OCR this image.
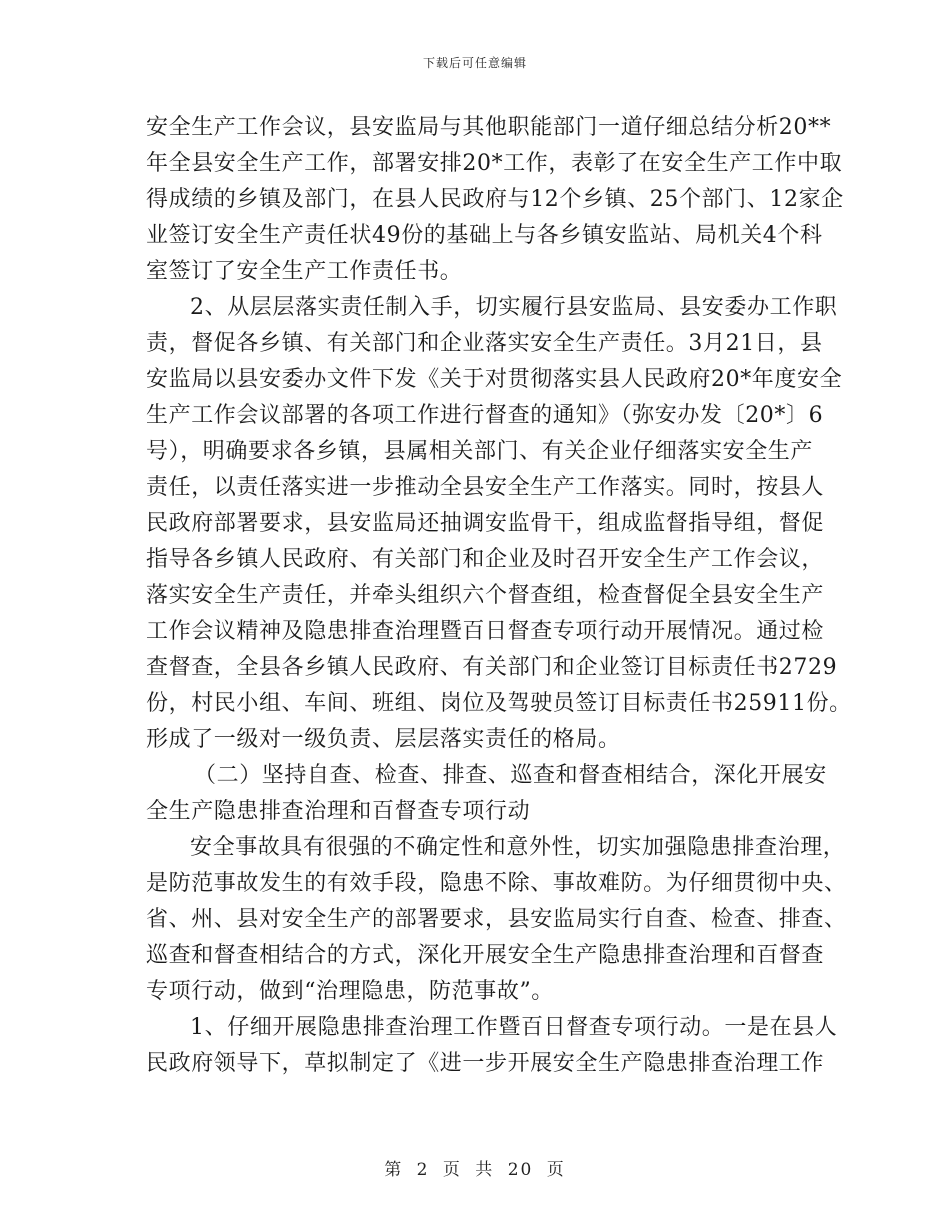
下载后可任意编辑
安全生产工作会议，县安监局与其他职能部门一道仔细总结分析20**
年全县安全生产工作，部署安排20*工作，表彰了在安全生产工作中取
得成绩的乡镇及部门，在县人民政府与12个乡镇、25个部门、12家企
业签订安全生产责任状49份的基础上与各乡镇安监站、局机关4个科
室签订了安全生产工作责任书。
2、从层层落实责任制入手，切实履行县安监局、县安委办工作职
责，督促各乡镇、有关部门和企业落实安全生产责任。3月21日，县
安监局以县安委办文件下发《关于对贯彻落实县人民政府20*年度安全
生产工作会议部署的各项工作进行督查的通知》（弥安办发〔20*〕6
号），明确要求各乡镇，县属相关部门、有关企业仔细落实安全生产
责任，以责任落实进一步推动全县安全生产工作落实。同时，按县人
民政府部署要求，县安监局还抽调安监骨干，组成监督指导组，督促
指导各乡镇人民政府、有关部门和企业及时召开安全生产工作会议，
落实安全生产责任，并牵头组织六个督查组，检查督促全县安全生产
工作会议精神及隐患排查治理暨百日督查专项行动开展情况。通过检
查督查，全县各乡镇人民政府、有关部门和企业签订目标责任书2729
份，村民小组、车间、班组、岗位及驾驶员签订目标责任书25911份。
形成了一级对一级负责、层层落实责任的格局。
（二）坚持自查、检查、排查、巡查和督查相结合，深化开展安
全生产隐患排查治理和百督查专项行动
安全事故具有很强的不确定性和意外性，切实加强隐患排查治理，
是防范事故发生的有效手段，隐患不除、事故难防。为仔细贯彻中央、
省、州、县对安全生产的部署要求，县安监局实行自查、检查、排查、
巡查和督查相结合的方式，深化开展安全生产隐患排查治理和百督查
专项行动，做到“治理隐患，防范事故”。
1、仔细开展隐患排查治理工作暨百日督查专项行动。一是在县人
民政府领导下，草拟制定了《进一步开展安全生产隐患排查治理工作
第 2 页 共 20 页
